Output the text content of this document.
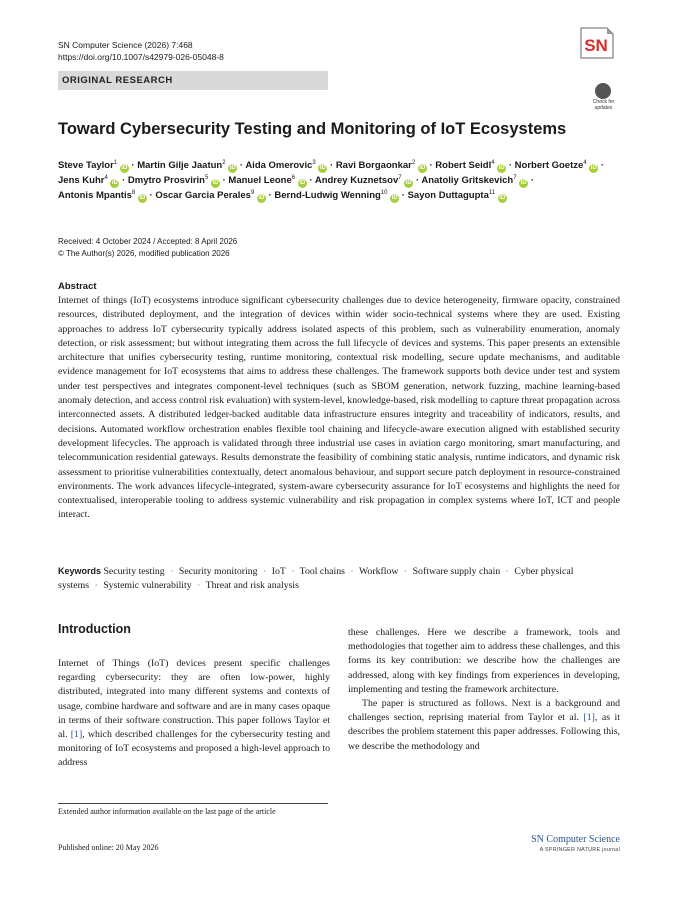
SN Computer Science (2026) 7:468
https://doi.org/10.1007/s42979-026-05048-8
SN
ORIGINAL RESEARCH
Check for updates
Toward Cybersecurity Testing and Monitoring of IoT Ecosystems
Steve Taylor$^1$ iD · Martin Gilje Jaatun$^2$ iD · Aida Omerovic$^3$ iD · Ravi Borgaonkar$^2$ iD · Robert Seidl$^4$ iD · Norbert Goetze$^4$ iD · Jens Kuhr$^4$ iD · Dmytro Prosvirin$^5$ iD · Manuel Leone$^6$ iD · Andrey Kuznetsov$^7$ iD · Anatoliy Gritskevich$^7$ iD · Antonis Mpantis$^8$ iD · Oscar Garcia Perales$^9$ iD · Bernd-Ludwig Wenning$^{10}$ iD · Sayon Duttagupta$^{11}$ iD
Received: 4 October 2024 / Accepted: 8 April 2026
© The Author(s) 2026, modified publication 2026
Abstract
Internet of things (IoT) ecosystems introduce significant cybersecurity challenges due to device heterogeneity, firmware opacity, constrained resources, distributed deployment, and the integration of devices within wider socio-technical systems where they are used. Existing approaches to address IoT cybersecurity typically address isolated aspects of this problem, such as vulnerability enumeration, anomaly detection, or risk assessment; but without integrating them across the full lifecycle of devices and systems. This paper presents an extensible architecture that unifies cybersecurity testing, runtime monitoring, contextual risk modelling, secure update mechanisms, and auditable evidence management for IoT ecosystems that aims to address these challenges. The framework supports both device under test and system under test perspectives and integrates component-level techniques (such as SBOM generation, network fuzzing, machine learning-based anomaly detection, and access control risk evaluation) with system-level, knowledge-based, risk modelling to capture threat propagation across interconnected assets. A distributed ledger-backed auditable data infrastructure ensures integrity and traceability of indicators, results, and decisions. Automated workflow orchestration enables flexible tool chaining and lifecycle-aware execution aligned with established security development lifecycles. The approach is validated through three industrial use cases in aviation cargo monitoring, smart manufacturing, and telecommunication residential gateways. Results demonstrate the feasibility of combining static analysis, runtime indicators, and dynamic risk assessment to prioritise vulnerabilities contextually, detect anomalous behaviour, and support secure patch deployment in resource-constrained environments. The work advances lifecycle-integrated, system-aware cybersecurity assurance for IoT ecosystems and highlights the need for contextualised, interoperable tooling to address systemic vulnerability and risk propagation in complex systems where IoT, ICT and people interact.
Keywords Security testing · Security monitoring · IoT · Tool chains · Workflow · Software supply chain · Cyber physical systems · Systemic vulnerability · Threat and risk analysis
Introduction
Internet of Things (IoT) devices present specific challenges regarding cybersecurity: they are often low-power, highly distributed, integrated into many different systems and contexts of usage, combine hardware and software and are in many cases opaque in terms of their software construction. This paper follows Taylor et al. [1], which described challenges for the cybersecurity testing and monitoring of IoT ecosystems and proposed a high-level approach to address

these challenges. Here we describe a framework, tools and methodologies that together aim to address these challenges, and this forms its key contribution: we describe how the challenges are addressed, along with key findings from experiences in developing, implementing and testing the framework architecture.

The paper is structured as follows. Next is a background and challenges section, reprising material from Taylor et al. [1], as it describes the problem statement this paper addresses. Following this, we describe the methodology and

Extended author information available on the last page of the article
Published online: 20 May 2026
SN Computer Science
A SPRINGER NATURE journal
